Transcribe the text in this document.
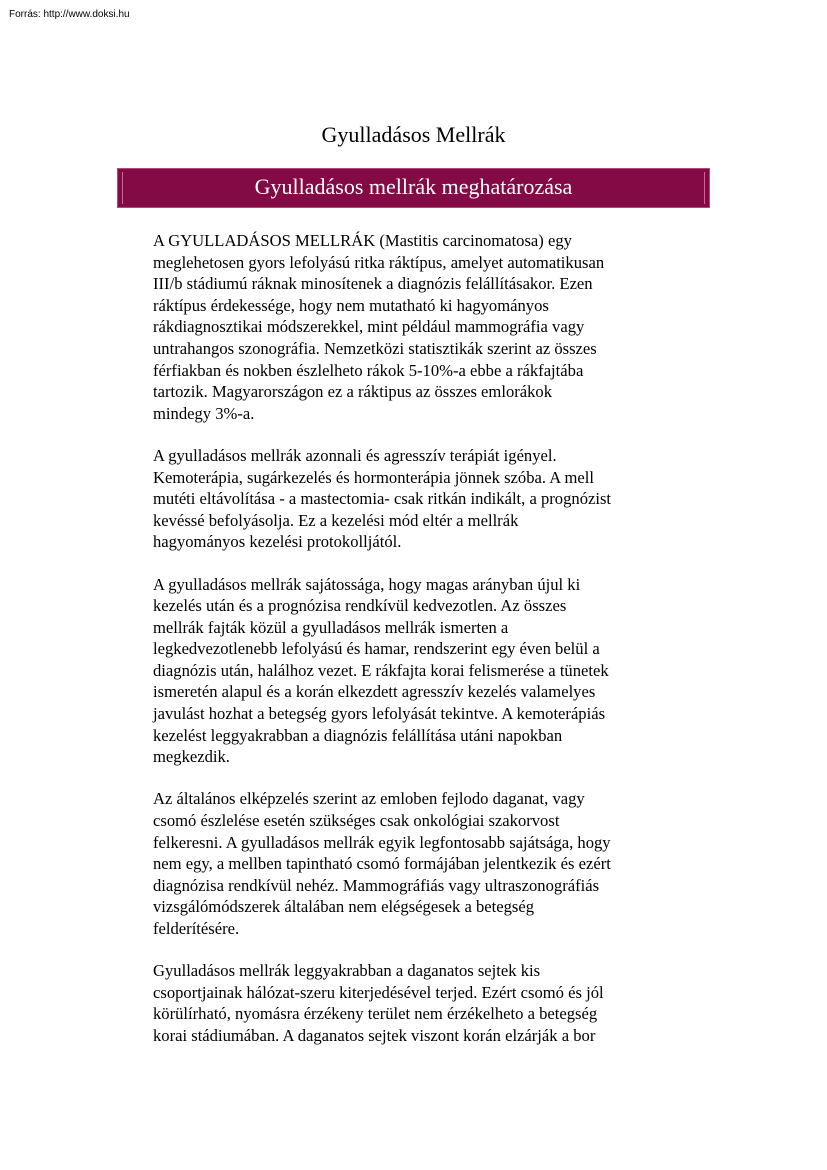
Forrás: http://www.doksi.hu
Gyulladásos Mellrák
Gyulladásos mellrák meghatározása

A GYULLADÁSOS MELLRÁK (Mastitis carcinomatosa) egy
meglehetosen gyors lefolyású ritka ráktípus, amelyet automatikusan
III/b stádiumú ráknak minosítenek a diagnózis felállításakor. Ezen
ráktípus érdekessége, hogy nem mutatható ki hagyományos
rákdiagnosztikai módszerekkel, mint például mammográfia vagy
untrahangos szonográfia. Nemzetközi statisztikák szerint az összes
férfiakban és nokben észlelheto rákok 5-10%-a ebbe a rákfajtába
tartozik. Magyarországon ez a ráktipus az összes emlorákok
mindegy 3%-a.

A gyulladásos mellrák azonnali és agresszív terápiát igényel.
Kemoterápia, sugárkezelés és hormonterápia jönnek szóba. A mell
mutéti eltávolítása - a mastectomia- csak ritkán indikált, a prognózist
kevéssé befolyásolja. Ez a kezelési mód eltér a mellrák
hagyományos kezelési protokolljától.

A gyulladásos mellrák sajátossága, hogy magas arányban újul ki
kezelés után és a prognózisa rendkívül kedvezotlen. Az összes
mellrák fajták közül a gyulladásos mellrák ismerten a
legkedvezotlenebb lefolyású és hamar, rendszerint egy éven belül a
diagnózis után, halálhoz vezet. E rákfajta korai felismerése a tünetek
ismeretén alapul és a korán elkezdett agresszív kezelés valamelyes
javulást hozhat a betegség gyors lefolyását tekintve. A kemoterápiás
kezelést leggyakrabban a diagnózis felállítása utáni napokban
megkezdik.

Az általános elképzelés szerint az emloben fejlodo daganat, vagy
csomó észlelése esetén szükséges csak onkológiai szakorvost
felkeresni. A gyulladásos mellrák egyik legfontosabb sajátsága, hogy
nem egy, a mellben tapintható csomó formájában jelentkezik és ezért
diagnózisa rendkívül nehéz. Mammográfiás vagy ultraszonográfiás
vizsgálómódszerek általában nem elégségesek a betegség
felderítésére.

Gyulladásos mellrák leggyakrabban a daganatos sejtek kis
csoportjainak hálózat-szeru kiterjedésével terjed. Ezért csomó és jól
körülírható, nyomásra érzékeny terület nem érzékelheto a betegség
korai stádiumában. A daganatos sejtek viszont korán elzárják a bor
